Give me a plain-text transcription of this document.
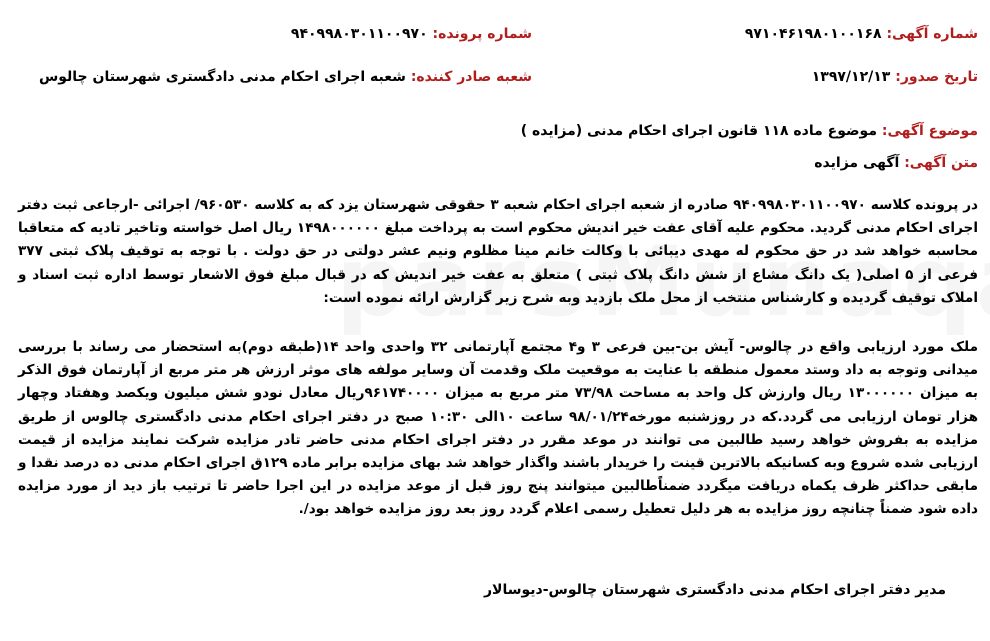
شماره آگهی: ۹۷۱۰۴۶۱۹۸۰۱۰۰۱۶۸
شماره پرونده: ۹۴۰۹۹۸۰۳۰۱۱۰۰۹۷۰
تاریخ صدور: ۱۳۹۷/۱۲/۱۳
شعبه صادر کننده: شعبه اجرای احکام مدنی دادگستری شهرستان چالوس
موضوع آگهی: موضوع ماده ۱۱۸ قانون اجرای احکام مدنی (مزایده )
متن آگهی: آگهی مزایده
در پرونده کلاسه ۹۴۰۹۹۸۰۳۰۱۱۰۰۹۷۰ صادره از شعبه اجرای احکام شعبه ۳ حقوقی شهرستان یزد که به کلاسه ۹۶۰۵۳۰/ اجرائی -ارجاعی ثبت دفتر اجرای احکام مدنی گردید. محکوم علیه آقای عفت خیر اندیش محکوم است به پرداخت مبلغ ۱۴۹۸۰۰۰۰۰۰ ریال اصل خواسته وتاخیر تادیه که متعاقبا محاسبه خواهد شد در حق محکوم له مهدی دیبائی با وکالت خانم مینا مظلوم ونیم عشر دولتی در حق دولت . با توجه به توقیف پلاک ثبتی ۳۷۷ فرعی از ۵ اصلی( یک دانگ مشاع از شش دانگ پلاک ثبتی ) متعلق به عفت خیر اندیش که در قبال مبلغ فوق الاشعار توسط اداره ثبت اسناد و املاک توقیف گردیده و کارشناس منتخب از محل ملک بازدید وبه شرح زیر گزارش ارائه نموده است:
ملک مورد ارزیابی واقع در چالوس- آیش بن-بین فرعی ۳ و۴ مجتمع آپارتمانی ۳۲ واحدی واحد ۱۴(طبقه دوم)به استحضار می رساند با بررسی میدانی وتوجه به داد وستد معمول منطقه با عنایت به موقعیت ملک وقدمت آن وسایر مولفه های موثر ارزش هر متر مربع از آپارتمان فوق الذکر به میزان ۱۳۰۰۰۰۰۰ ریال وارزش کل واحد به مساحت ۷۳/۹۸ متر مربع به میزان ۹۶۱۷۴۰۰۰۰ریال معادل نودو شش میلیون ویکصد وهفتاد وچهار هزار تومان ارزیابی می گردد.که در روزشنبه مورخه۹۸/۰۱/۲۴ ساعت ۱۰الی ۱۰:۳۰ صبح در دفتر اجرای احکام مدنی دادگستری چالوس از طریق مزایده به بفروش خواهد رسید طالبین می توانند در موعد مقرر در دفتر اجرای احکام مدنی حاضر تادر مزایده شرکت نمایند مزایده از قیمت ارزیابی شده شروع وبه کسانیکه بالاترین قینت را خریدار باشند واگذار خواهد شد بهای مزایده برابر ماده ۱۲۹ق اجرای احکام مدنی ده درصد نقدا و مابقی حداکثر ظرف یکماه دریافت میگردد ضمناًطالبین میتوانند پنج روز قبل از موعد مزایده در این اجرا حاضر تا ترتیب باز دید از مورد مزایده داده شود ضمناً چنانچه روز مزایده به هر دلیل تعطیل رسمی اعلام گردد روز بعد روز مزایده خواهد بود/.
مدیر دفتر اجرای احکام مدنی دادگستری شهرستان چالوس-دیوسالار
